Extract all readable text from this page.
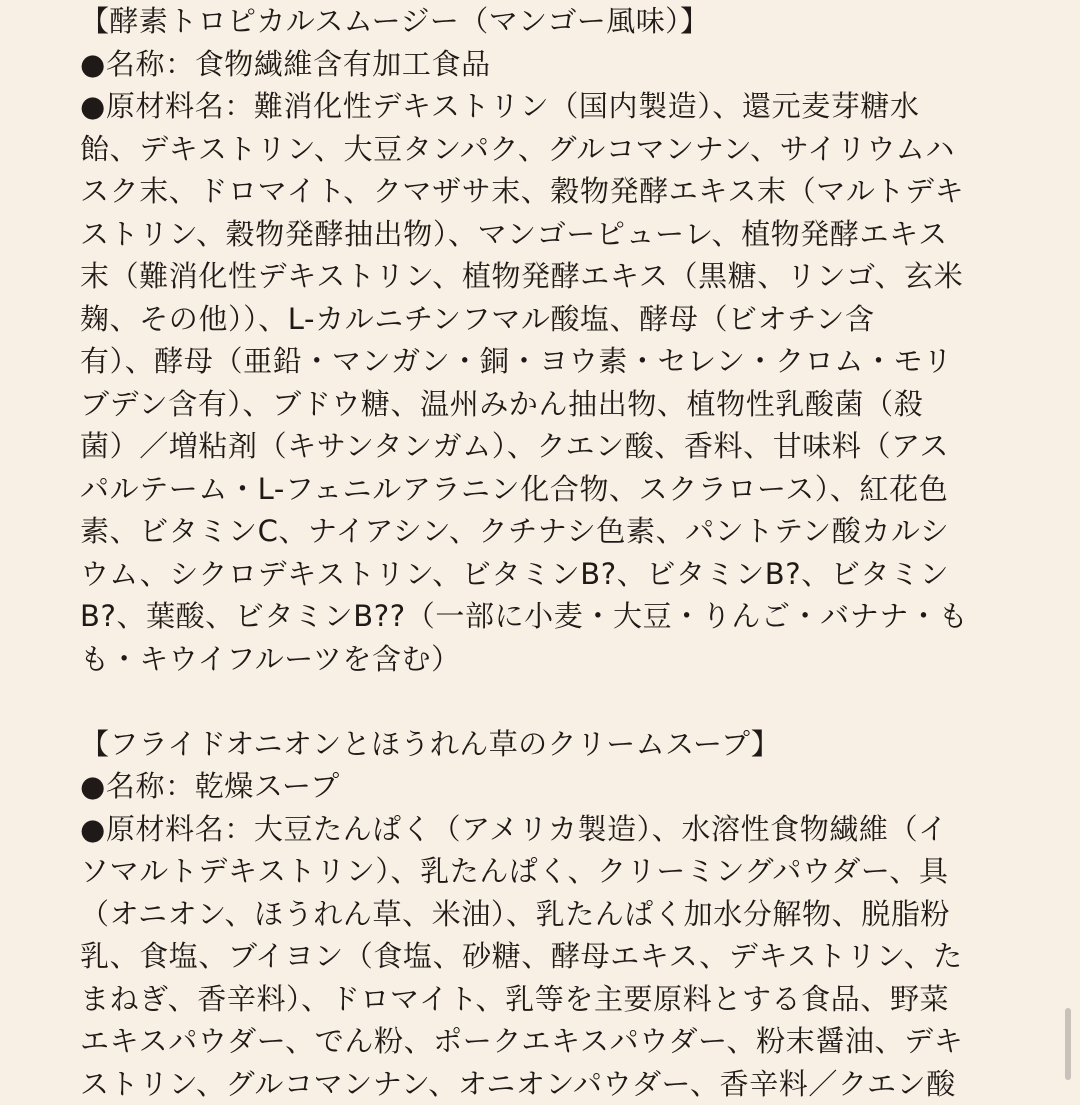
【酵素トロピカルスムージー（マンゴー風味）】
●名称：食物繊維含有加工食品
●原材料名：難消化性デキストリン（国内製造）、還元麦芽糖水
飴、デキストリン、大豆タンパク、グルコマンナン、サイリウムハ
スク末、ドロマイト、クマザサ末、穀物発酵エキス末（マルトデキ
ストリン、穀物発酵抽出物）、マンゴーピューレ、植物発酵エキス
末（難消化性デキストリン、植物発酵エキス（黒糖、リンゴ、玄米
麹、その他））、L-カルニチンフマル酸塩、酵母（ビオチン含
有）、酵母（亜鉛・マンガン・銅・ヨウ素・セレン・クロム・モリ
ブデン含有）、ブドウ糖、温州みかん抽出物、植物性乳酸菌（殺
菌）／増粘剤（キサンタンガム）、クエン酸、香料、甘味料（アス
パルテーム・L-フェニルアラニン化合物、スクラロース）、紅花色
素、ビタミンC、ナイアシン、クチナシ色素、パントテン酸カルシ
ウム、シクロデキストリン、ビタミンB?、ビタミンB?、ビタミン
B?、葉酸、ビタミンB??（一部に小麦・大豆・りんご・バナナ・も
も・キウイフルーツを含む）
【フライドオニオンとほうれん草のクリームスープ】
●名称：乾燥スープ
●原材料名：大豆たんぱく（アメリカ製造）、水溶性食物繊維（イ
ソマルトデキストリン）、乳たんぱく、クリーミングパウダー、具
（オニオン、ほうれん草、米油）、乳たんぱく加水分解物、脱脂粉
乳、食塩、ブイヨン（食塩、砂糖、酵母エキス、デキストリン、た
まねぎ、香辛料）、ドロマイト、乳等を主要原料とする食品、野菜
エキスパウダー、でん粉、ポークエキスパウダー、粉末醤油、デキ
ストリン、グルコマンナン、オニオンパウダー、香辛料／クエン酸
